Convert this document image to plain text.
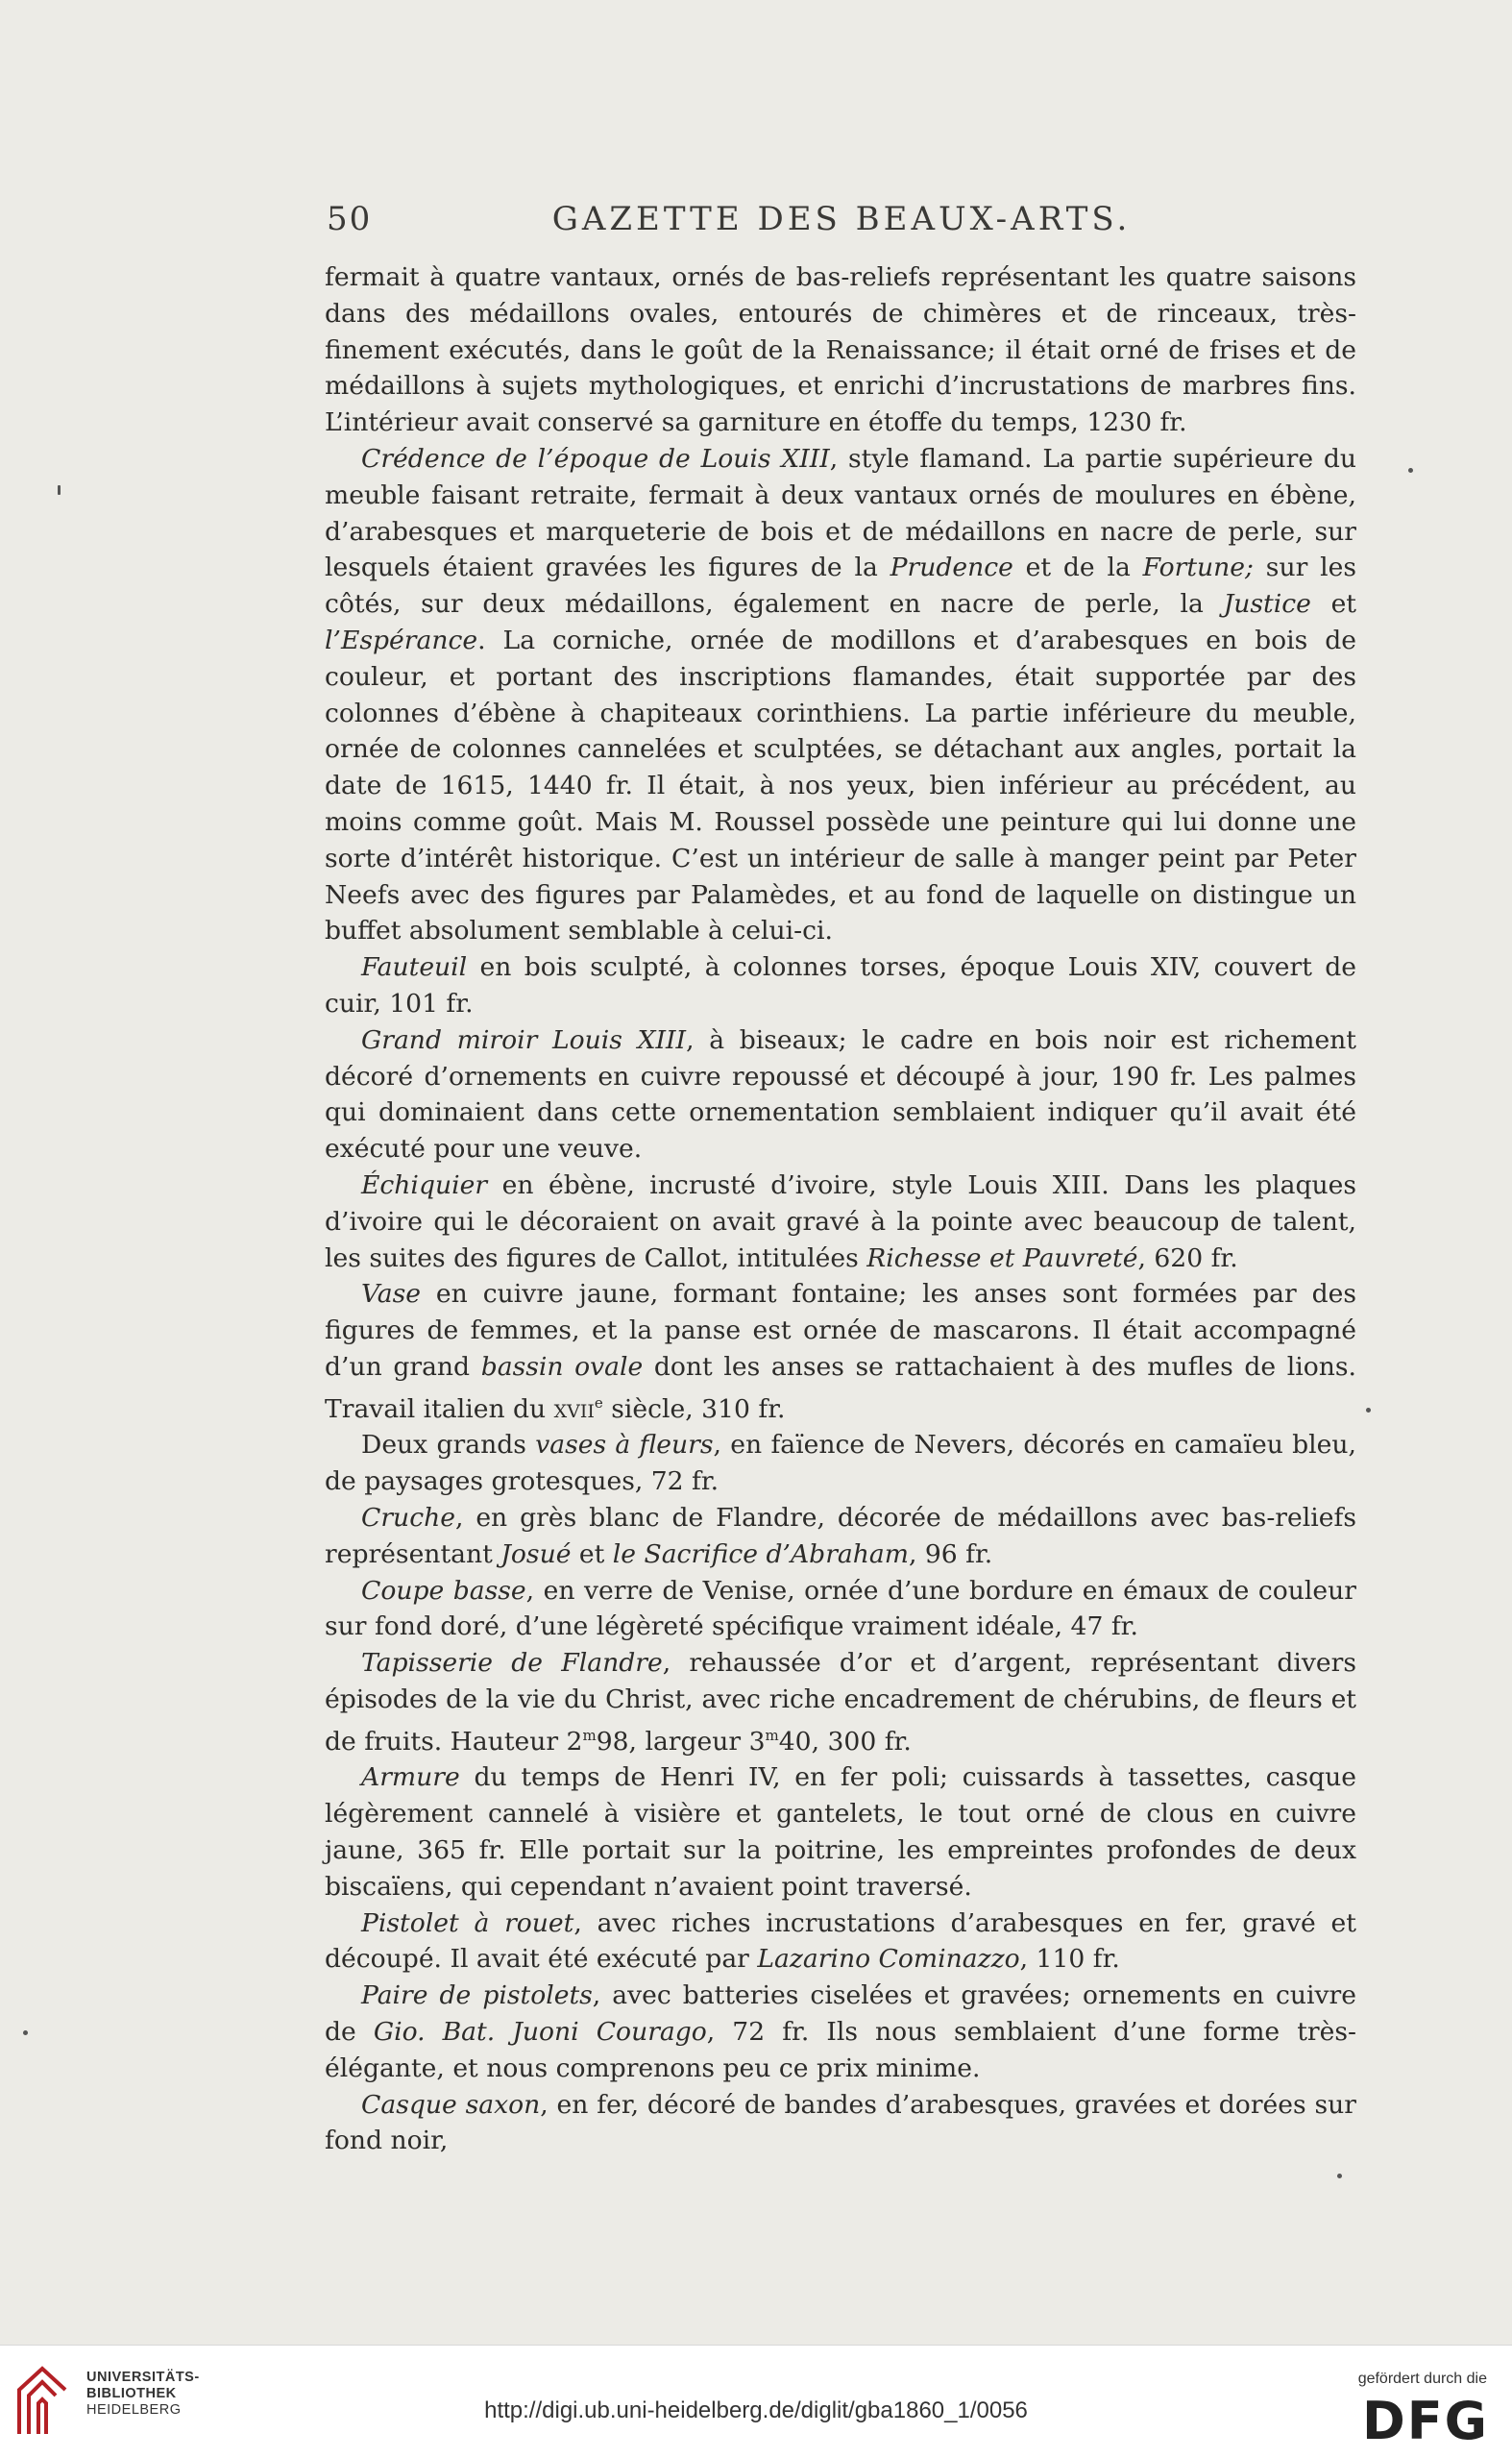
50	GAZETTE DES BEAUX-ARTS.

fermait à quatre vantaux, ornés de bas-reliefs représentant les quatre saisons dans des médaillons ovales, entourés de chimères et de rinceaux, très-finement exécutés, dans le goût de la Renaissance; il était orné de frises et de médaillons à sujets mythologiques, et enrichi d’incrustations de marbres fins. L’intérieur avait conservé sa garniture en étoffe du temps, 1230 fr.

Crédence de l’époque de Louis XIII, style flamand. La partie supérieure du meuble faisant retraite, fermait à deux vantaux ornés de moulures en ébène, d’arabesques et marqueterie de bois et de médaillons en nacre de perle, sur lesquels étaient gravées les figures de la Prudence et de la Fortune; sur les côtés, sur deux médaillons, également en nacre de perle, la Justice et l’Espérance. La corniche, ornée de modillons et d’arabesques en bois de couleur, et portant des inscriptions flamandes, était supportée par des colonnes d’ébène à chapiteaux corinthiens. La partie inférieure du meuble, ornée de colonnes cannelées et sculptées, se détachant aux angles, portait la date de 1615, 1440 fr. Il était, à nos yeux, bien inférieur au précédent, au moins comme goût. Mais M. Roussel possède une peinture qui lui donne une sorte d’intérêt historique. C’est un intérieur de salle à manger peint par Peter Neefs avec des figures par Palamèdes, et au fond de laquelle on distingue un buffet absolument semblable à celui-ci.

Fauteuil en bois sculpté, à colonnes torses, époque Louis XIV, couvert de cuir, 101 fr.

Grand miroir Louis XIII, à biseaux; le cadre en bois noir est richement décoré d’ornements en cuivre repoussé et découpé à jour, 190 fr. Les palmes qui dominaient dans cette ornementation semblaient indiquer qu’il avait été exécuté pour une veuve.

Échiquier en ébène, incrusté d’ivoire, style Louis XIII. Dans les plaques d’ivoire qui le décoraient on avait gravé à la pointe avec beaucoup de talent, les suites des figures de Callot, intitulées Richesse et Pauvreté, 620 fr.

Vase en cuivre jaune, formant fontaine; les anses sont formées par des figures de femmes, et la panse est ornée de mascarons. Il était accompagné d’un grand bassin ovale dont les anses se rattachaient à des mufles de lions. Travail italien du xvii$^e$ siècle, 310 fr.

Deux grands vases à fleurs, en faïence de Nevers, décorés en camaïeu bleu, de paysages grotesques, 72 fr.

Cruche, en grès blanc de Flandre, décorée de médaillons avec bas-reliefs représentant Josué et le Sacrifice d’Abraham, 96 fr.

Coupe basse, en verre de Venise, ornée d’une bordure en émaux de couleur sur fond doré, d’une légèreté spécifique vraiment idéale, 47 fr.

Tapisserie de Flandre, rehaussée d’or et d’argent, représentant divers épisodes de la vie du Christ, avec riche encadrement de chérubins, de fleurs et de fruits. Hauteur 2$^m$98, largeur 3$^m$40, 300 fr.

Armure du temps de Henri IV, en fer poli; cuissards à tassettes, casque légèrement cannelé à visière et gantelets, le tout orné de clous en cuivre jaune, 365 fr. Elle portait sur la poitrine, les empreintes profondes de deux biscaïens, qui cependant n’avaient point traversé.

Pistolet à rouet, avec riches incrustations d’arabesques en fer, gravé et découpé. Il avait été exécuté par Lazarino Cominazzo, 110 fr.

Paire de pistolets, avec batteries ciselées et gravées; ornements en cuivre de Gio. Bat. Juoni Courago, 72 fr. Ils nous semblaient d’une forme très-élégante, et nous comprenons peu ce prix minime.

Casque saxon, en fer, décoré de bandes d’arabesques, gravées et dorées sur fond noir,

UNIVERSITÄTS-
BIBLIOTHEK
HEIDELBERG	http://digi.ub.uni-heidelberg.de/diglit/gba1860_1/0056
gefördert durch die
DFG
